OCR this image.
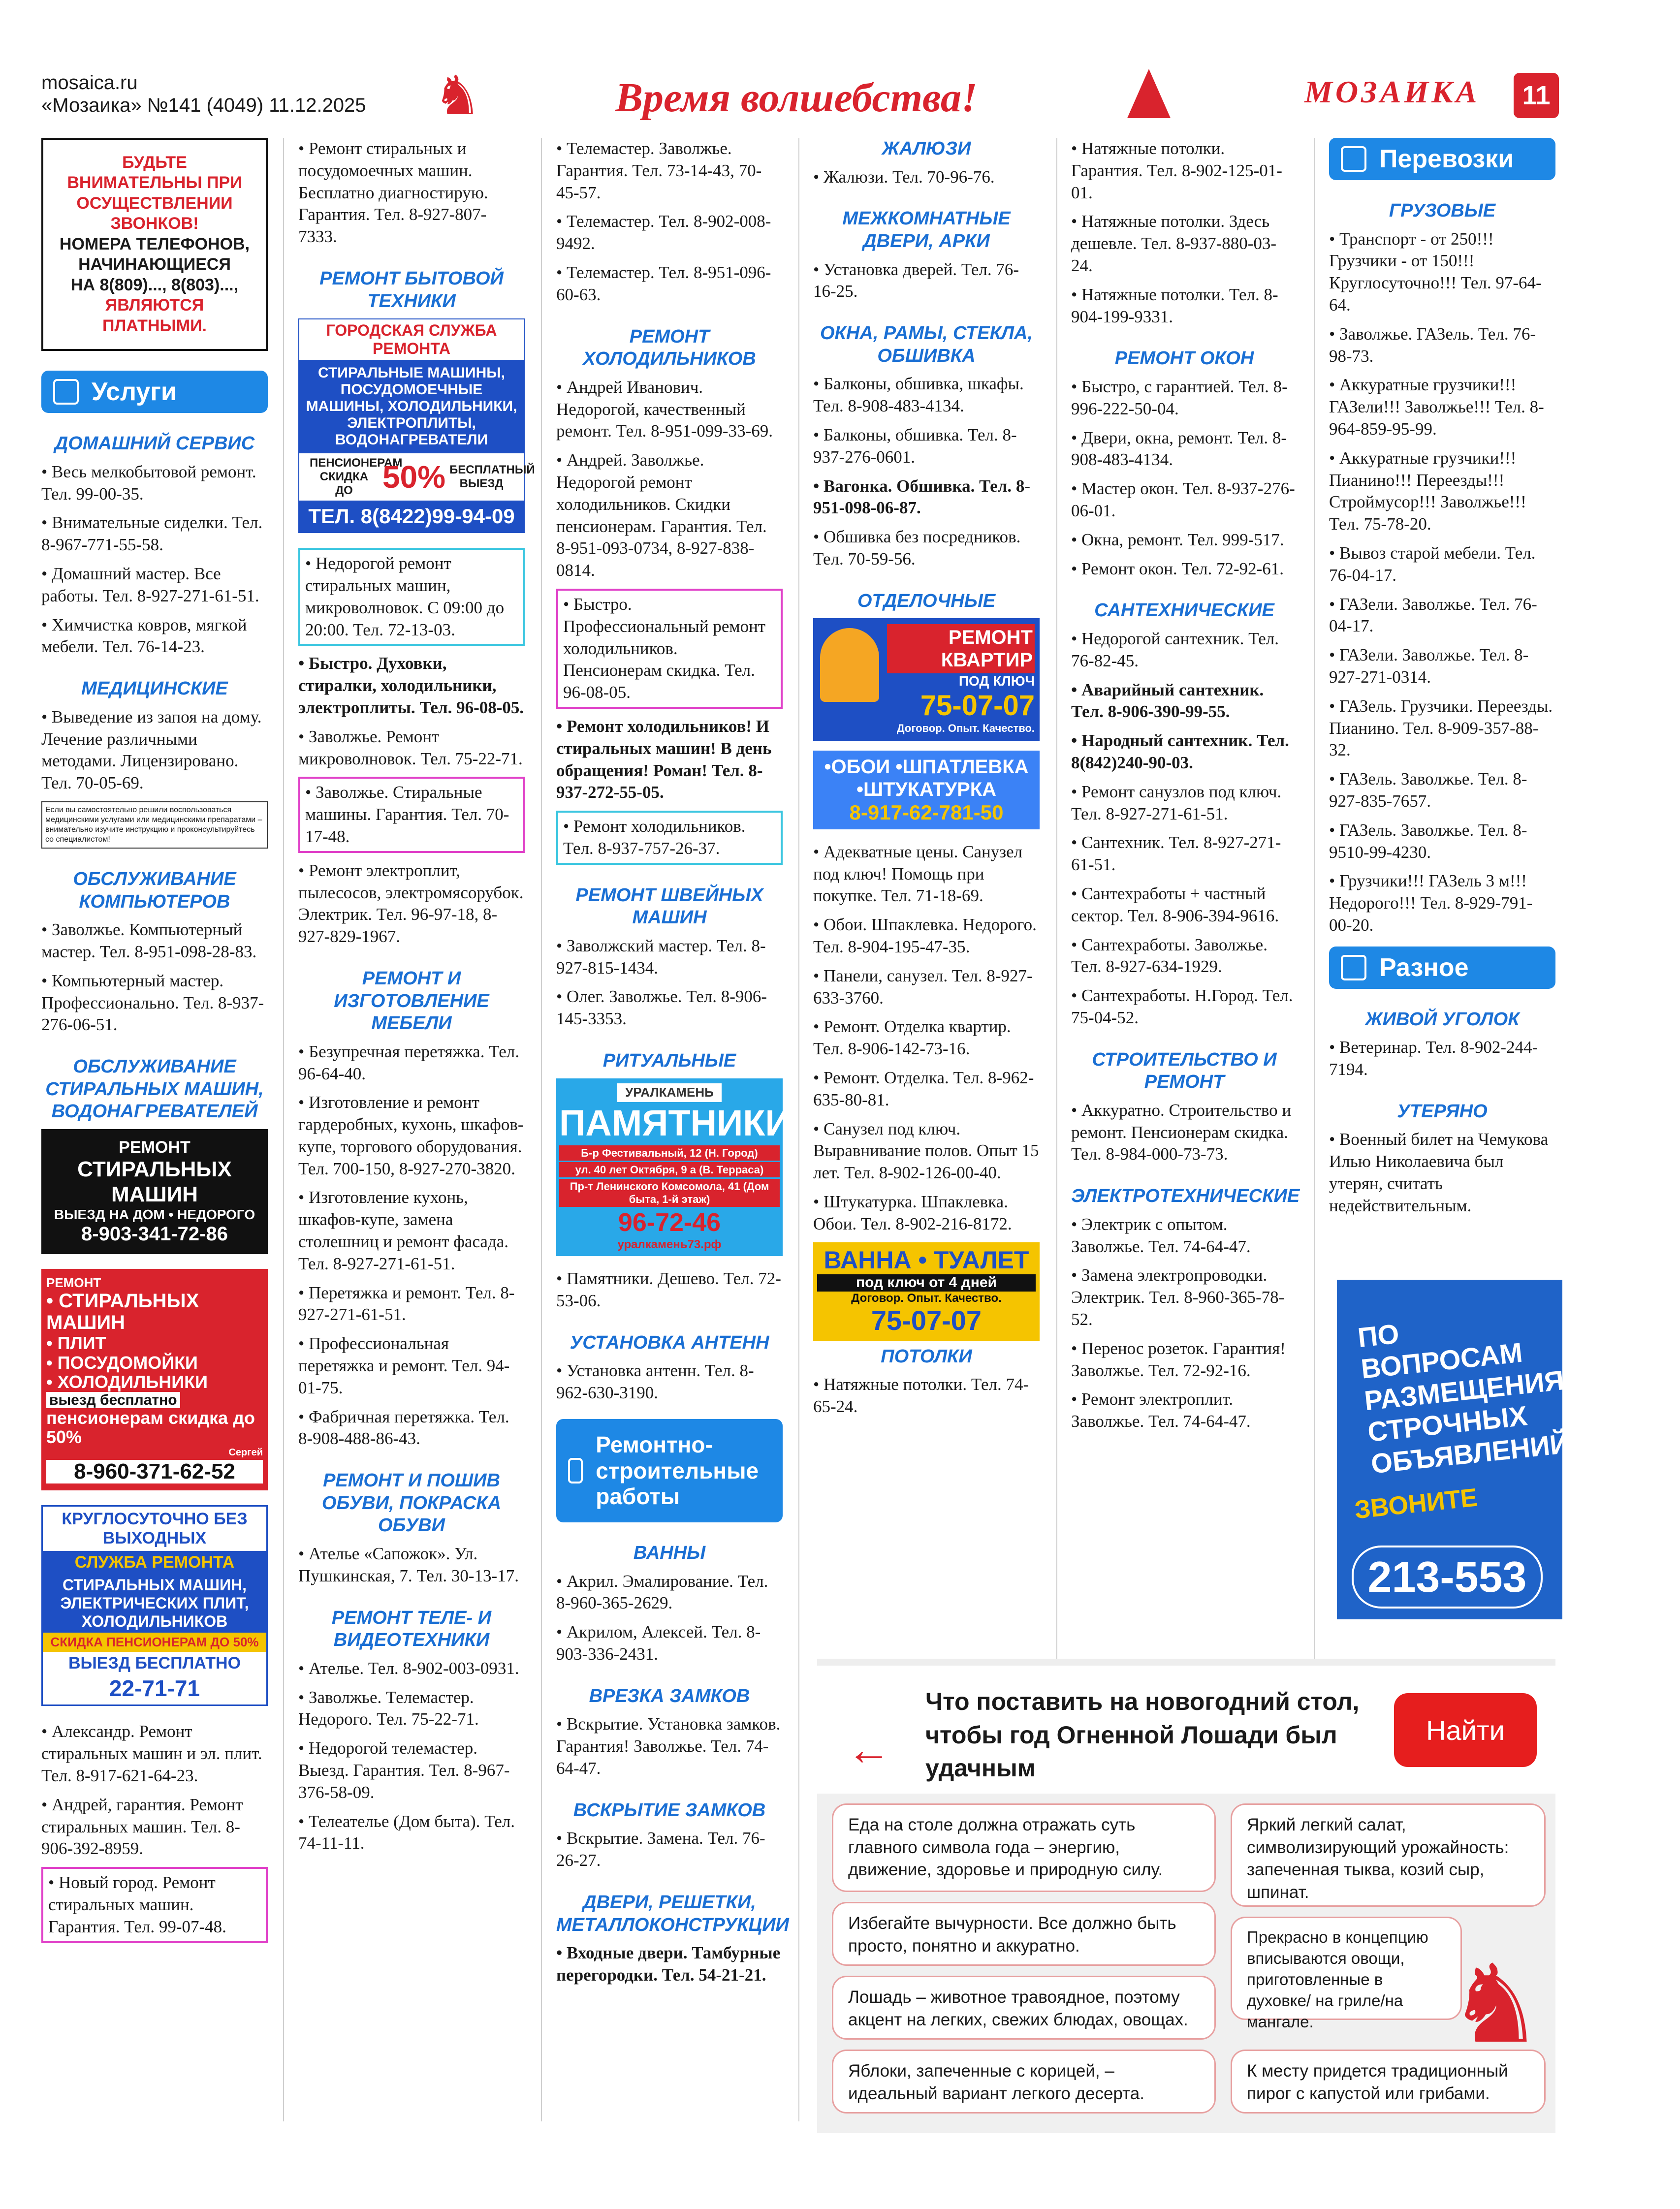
mosaica.ru
«Мозаика» №141 (4049) 11.12.2025 ♞	Время волшебства!	МОЗАИКА	11
БУДЬТЕ
ВНИМАТЕЛЬНЫ ПРИ
ОСУЩЕСТВЛЕНИИ
ЗВОНКОВ!
НОМЕРА ТЕЛЕФОНОВ,
НАЧИНАЮЩИЕСЯ
НА 8(809)..., 8(803)...,
ЯВЛЯЮТСЯ
ПЛАТНЫМИ.
Услуги
ДОМАШНИЙ СЕРВИС
• Весь мелкобытовой ремонт. Тел. 99-00-35.
• Внимательные сиделки. Тел. 8-967-771-55-58.
• Домашний мастер. Все работы. Тел. 8-927-271-61-51.
• Химчистка ковров, мягкой мебели. Тел. 76-14-23.
МЕДИЦИНСКИЕ
• Выведение из запоя на дому. Лечение различными методами. Лицензировано. Тел. 70-05-69.
Если вы самостоятельно решили воспользоваться медицинскими услугами или медицинскими препаратами – внимательно изучите инструкцию и проконсультируйтесь со специалистом!
ОБСЛУЖИВАНИЕ КОМПЬЮТЕРОВ
• Заволжье. Компьютерный мастер. Тел. 8-951-098-28-83.
• Компьютерный мастер. Профессионально. Тел. 8-937-276-06-51.
ОБСЛУЖИВАНИЕ СТИРАЛЬНЫХ МАШИН, ВОДОНАГРЕВАТЕЛЕЙ
РЕМОНТ
СТИРАЛЬНЫХ МАШИН
ВЫЕЗД НА ДОМ • НЕДОРОГО
8-903-341-72-86
РЕМОНТ
• СТИРАЛЬНЫХ МАШИН
• ПЛИТ
• ПОСУДОМОЙКИ
• ХОЛОДИЛЬНИКИ
выезд бесплатно
пенсионерам скидка до 50%
Сергей
8-960-371-62-52
КРУГЛОСУТОЧНО БЕЗ ВЫХОДНЫХ
СЛУЖБА РЕМОНТА
СТИРАЛЬНЫХ МАШИН, ЭЛЕКТРИЧЕСКИХ ПЛИТ, ХОЛОДИЛЬНИКОВ
СКИДКА ПЕНСИОНЕРАМ ДО 50%
ВЫЕЗД БЕСПЛАТНО
22-71-71
• Александр. Ремонт стиральных машин и эл. плит. Тел. 8-917-621-64-23.
• Андрей, гарантия. Ремонт стиральных машин. Тел. 8-906-392-8959.
• Новый город. Ремонт стиральных машин. Гарантия. Тел. 99-07-48.
• Ремонт стиральных и посудомоечных машин. Бесплатно диагностирую. Гарантия. Тел. 8-927-807-7333.
РЕМОНТ БЫТОВОЙ ТЕХНИКИ
ГОРОДСКАЯ СЛУЖБА РЕМОНТА
СТИРАЛЬНЫЕ МАШИНЫ, ПОСУДОМОЕЧНЫЕ МАШИНЫ, ХОЛОДИЛЬНИКИ, ЭЛЕКТРОПЛИТЫ, ВОДОНАГРЕВАТЕЛИ
ПЕНСИОНЕРАМ СКИДКА ДО 50% БЕСПЛАТНЫЙ ВЫЕЗД
ТЕЛ. 8(8422)99-94-09
• Недорогой ремонт стиральных машин, микроволновок. С 09:00 до 20:00. Тел. 72-13-03.
• Быстро. Духовки, стиралки, холодильники, электроплиты. Тел. 96-08-05.
• Заволжье. Ремонт микроволновок. Тел. 75-22-71.
• Заволжье. Стиральные машины. Гарантия. Тел. 70-17-48.
• Ремонт электроплит, пылесосов, электромясорубок. Электрик. Тел. 96-97-18, 8-927-829-1967.
РЕМОНТ И ИЗГОТОВЛЕНИЕ МЕБЕЛИ
• Безупречная перетяжка. Тел. 96-64-40.
• Изготовление и ремонт гардеробных, кухонь, шкафов-купе, торгового оборудования. Тел. 700-150, 8-927-270-3820.
• Изготовление кухонь, шкафов-купе, замена столешниц и ремонт фасада. Тел. 8-927-271-61-51.
• Перетяжка и ремонт. Тел. 8-927-271-61-51.
• Профессиональная перетяжка и ремонт. Тел. 94-01-75.
• Фабричная перетяжка. Тел. 8-908-488-86-43.
РЕМОНТ И ПОШИВ ОБУВИ, ПОКРАСКА ОБУВИ
• Ателье «Сапожок». Ул. Пушкинская, 7. Тел. 30-13-17.
РЕМОНТ ТЕЛЕ- И ВИДЕОТЕХНИКИ
• Ателье. Тел. 8-902-003-0931.
• Заволжье. Телемастер. Недорого. Тел. 75-22-71.
• Недорогой телемастер. Выезд. Гарантия. Тел. 8-967-376-58-09.
• Телеателье (Дом быта). Тел. 74-11-11.
• Телемастер. Заволжье. Гарантия. Тел. 73-14-43, 70-45-57.
• Телемастер. Тел. 8-902-008-9492.
• Телемастер. Тел. 8-951-096-60-63.
РЕМОНТ ХОЛОДИЛЬНИКОВ
• Андрей Иванович. Недорогой, качественный ремонт. Тел. 8-951-099-33-69.
• Андрей. Заволжье. Недорогой ремонт холодильников. Скидки пенсионерам. Гарантия. Тел. 8-951-093-0734, 8-927-838-0814.
• Быстро. Профессиональный ремонт холодильников. Пенсионерам скидка. Тел. 96-08-05.
• Ремонт холодильников! И стиральных машин! В день обращения! Роман! Тел. 8-937-272-55-05.
• Ремонт холодильников. Тел. 8-937-757-26-37.
РЕМОНТ ШВЕЙНЫХ МАШИН
• Заволжский мастер. Тел. 8-927-815-1434.
• Олег. Заволжье. Тел. 8-906-145-3353.
РИТУАЛЬНЫЕ
УРАЛКАМЕНЬ
ПАМЯТНИКИ
Б-р Фестивальный, 12 (Н. Город)
ул. 40 лет Октября, 9 а (В. Терраса)
Пр-т Ленинского Комсомола, 41 (Дом быта, 1-й этаж)
96-72-46
уралкамень73.рф
• Памятники. Дешево. Тел. 72-53-06.
УСТАНОВКА АНТЕНН
• Установка антенн. Тел. 8-962-630-3190.
Ремонтно-строительные работы
ВАННЫ
• Акрил. Эмалирование. Тел. 8-960-365-2629.
• Акрилом, Алексей. Тел. 8-903-336-2431.
ВРЕЗКА ЗАМКОВ
• Вскрытие. Установка замков. Гарантия! Заволжье. Тел. 74-64-47.
ВСКРЫТИЕ ЗАМКОВ
• Вскрытие. Замена. Тел. 76-26-27.
ДВЕРИ, РЕШЕТКИ, МЕТАЛЛОКОНСТРУКЦИИ
• Входные двери. Тамбурные перегородки. Тел. 54-21-21.
ЖАЛЮЗИ
• Жалюзи. Тел. 70-96-76.
МЕЖКОМНАТНЫЕ ДВЕРИ, АРКИ
• Установка дверей. Тел. 76-16-25.
ОКНА, РАМЫ, СТЕКЛА, ОБШИВКА
• Балконы, обшивка, шкафы. Тел. 8-908-483-4134.
• Балконы, обшивка. Тел. 8-937-276-0601.
• Вагонка. Обшивка. Тел. 8-951-098-06-87.
• Обшивка без посредников. Тел. 70-59-56.
ОТДЕЛОЧНЫЕ
РЕМОНТ КВАРТИР
ПОД КЛЮЧ
75-07-07
Договор. Опыт. Качество.
•ОБОИ •ШПАТЛЕВКА
•ШТУКАТУРКА
8-917-62-781-50
• Адекватные цены. Санузел под ключ! Помощь при покупке. Тел. 71-18-69.
• Обои. Шпаклевка. Недорого. Тел. 8-904-195-47-35.
• Панели, санузел. Тел. 8-927-633-3760.
• Ремонт. Отделка квартир. Тел. 8-906-142-73-16.
• Ремонт. Отделка. Тел. 8-962-635-80-81.
• Санузел под ключ. Выравнивание полов. Опыт 15 лет. Тел. 8-902-126-00-40.
• Штукатурка. Шпаклевка. Обои. Тел. 8-902-216-8172.
ВАННА • ТУАЛЕТ
под ключ от 4 дней
Договор. Опыт. Качество.
75-07-07
ПОТОЛКИ
• Натяжные потолки. Тел. 74-65-24.
• Натяжные потолки. Гарантия. Тел. 8-902-125-01-01.
• Натяжные потолки. Здесь дешевле. Тел. 8-937-880-03-24.
• Натяжные потолки. Тел. 8-904-199-9331.
РЕМОНТ ОКОН
• Быстро, с гарантией. Тел. 8-996-222-50-04.
• Двери, окна, ремонт. Тел. 8-908-483-4134.
• Мастер окон. Тел. 8-937-276-06-01.
• Окна, ремонт. Тел. 999-517.
• Ремонт окон. Тел. 72-92-61.
САНТЕХНИЧЕСКИЕ
• Недорогой сантехник. Тел. 76-82-45.
• Аварийный сантехник. Тел. 8-906-390-99-55.
• Народный сантехник. Тел. 8(842)240-90-03.
• Ремонт санузлов под ключ. Тел. 8-927-271-61-51.
• Сантехник. Тел. 8-927-271-61-51.
• Сантехработы + частный сектор. Тел. 8-906-394-9616.
• Сантехработы. Заволжье. Тел. 8-927-634-1929.
• Сантехработы. Н.Город. Тел. 75-04-52.
СТРОИТЕЛЬСТВО И РЕМОНТ
• Аккуратно. Строительство и ремонт. Пенсионерам скидка. Тел. 8-984-000-73-73.
ЭЛЕКТРОТЕХНИЧЕСКИЕ
• Электрик с опытом. Заволжье. Тел. 74-64-47.
• Замена электропроводки. Электрик. Тел. 8-960-365-78-52.
• Перенос розеток. Гарантия! Заволжье. Тел. 72-92-16.
• Ремонт электроплит. Заволжье. Тел. 74-64-47.
Перевозки
ГРУЗОВЫЕ
• Транспорт - от 250!!! Грузчики - от 150!!! Круглосуточно!!! Тел. 97-64-64.
• Заволжье. ГАЗель. Тел. 76-98-73.
• Аккуратные грузчики!!! ГАЗели!!! Заволжье!!! Тел. 8-964-859-95-99.
• Аккуратные грузчики!!! Пианино!!! Переезды!!! Строймусор!!! Заволжье!!! Тел. 75-78-20.
• Вывоз старой мебели. Тел. 76-04-17.
• ГАЗели. Заволжье. Тел. 76-04-17.
• ГАЗели. Заволжье. Тел. 8-927-271-0314.
• ГАЗель. Грузчики. Переезды. Пианино. Тел. 8-909-357-88-32.
• ГАЗель. Заволжье. Тел. 8-927-835-7657.
• ГАЗель. Заволжье. Тел. 8-9510-99-4230.
• Грузчики!!! ГАЗель 3 м!!! Недорого!!! Тел. 8-929-791-00-20.
Разное
ЖИВОЙ УГОЛОК
• Ветеринар. Тел. 8-902-244-7194.
УТЕРЯНО
• Военный билет на Чемукова Илью Николаевича был утерян, считать недействительным.
ПО ВОПРОСАМ РАЗМЕЩЕНИЯ СТРОЧНЫХ ОБЪЯВЛЕНИЙ
ЗВОНИТЕ
213-553
←
Что поставить на новогодний стол, чтобы год Огненной Лошади был удачным
Найти
Еда на столе должна отражать суть главного символа года – энергию, движение, здоровье и природную силу.
Яркий легкий салат, символизирующий урожайность: запеченная тыква, козий сыр, шпинат.
Избегайте вычурности. Все должно быть просто, понятно и аккуратно.	Прекрасно в концепцию вписываются овощи, приготовленные в духовке/ на гриле/на мангале.
Лошадь – животное травоядное, поэтому акцент на легких, свежих блюдах, овощах.
Яблоки, запеченные с корицей, – идеальный вариант легкого десерта.
К месту придется традиционный пирог с капустой или грибами.
♞
